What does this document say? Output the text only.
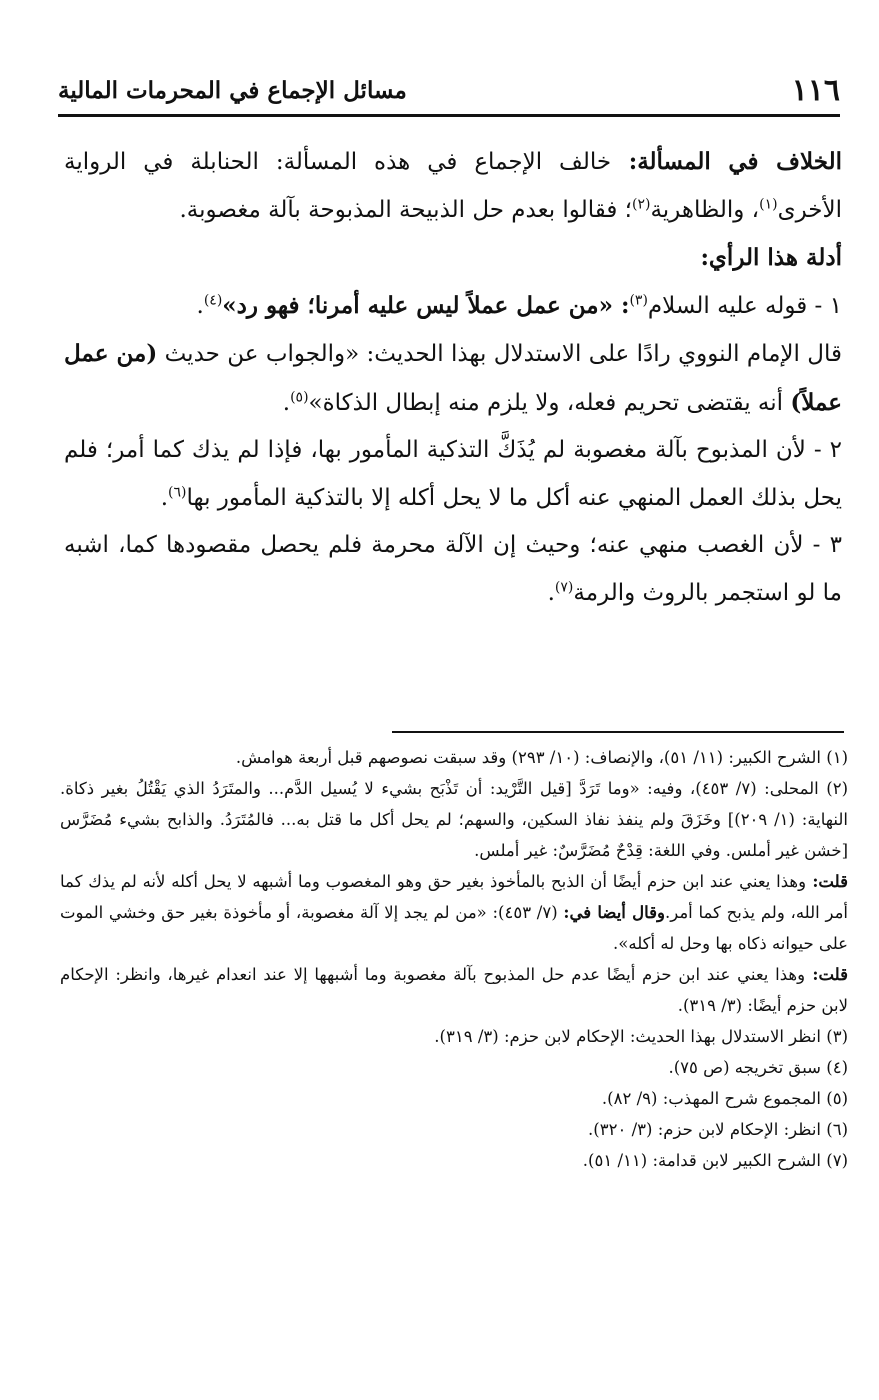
١١٦
مسائل الإجماع في المحرمات المالية

الخلاف في المسألة: خالف الإجماع في هذه المسألة: الحنابلة في الرواية الأخرى$^{(١)}$، والظاهرية$^{(٢)}$؛ فقالوا بعدم حل الذبيحة المذبوحة بآلة مغصوبة.

أدلة هذا الرأي:

١ - قوله عليه السلام$^{(٣)}$: «من عمل عملاً ليس عليه أمرنا؛ فهو رد»$^{(٤)}$.

قال الإمام النووي رادًا على الاستدلال بهذا الحديث: «والجواب عن حديث (من عمل عملاً) أنه يقتضى تحريم فعله، ولا يلزم منه إبطال الذكاة»$^{(٥)}$.

٢ - لأن المذبوح بآلة مغصوبة لم يُذَكَّ التذكية المأمور بها، فإذا لم يذك كما أمر؛ فلم يحل بذلك العمل المنهي عنه أكل ما لا يحل أكله إلا بالتذكية المأمور بها$^{(٦)}$.

٣ - لأن الغصب منهي عنه؛ وحيث إن الآلة محرمة فلم يحصل مقصودها كما، اشبه ما لو استجمر بالروث والرمة$^{(٧)}$.

(١) الشرح الكبير: (١١/ ٥١)، والإنصاف: (١٠/ ٢٩٣) وقد سبقت نصوصهم قبل أربعة هوامش.

(٢) المحلى: (٧/ ٤٥٣)، وفيه: «وما تَرَدَّ [قيل التَّرْيد: أن تَذْبَح بشيء لا يُسيل الدَّم... والمتَرَدُ الذي يَقْتُلُ بغير ذكاة. النهاية: (١/ ٢٠٩)] وخَزَقَ ولم ينفذ نفاذ السكين، والسهم؛ لم يحل أكل ما قتل به... فالمُتَرَدُ. والذابح بشيء مُضَرَّس [خشن غير أملس. وفي اللغة: قِدْحٌ مُضَرَّسٌ: غير أملس.

قلت: وهذا يعني عند ابن حزم أيضًا أن الذبح بالمأخوذ بغير حق وهو المغصوب وما أشبهه لا يحل أكله لأنه لم يذك كما أمر الله، ولم يذبح كما أمر.وقال أيضا في: (٧/ ٤٥٣): «من لم يجد إلا آلة مغصوبة، أو مأخوذة بغير حق وخشي الموت على حيوانه ذكاه بها وحل له أكله».

قلت: وهذا يعني عند ابن حزم أيضًا عدم حل المذبوح بآلة مغصوبة وما أشبهها إلا عند انعدام غيرها، وانظر: الإحكام لابن حزم أيضًا: (٣/ ٣١٩).

(٣) انظر الاستدلال بهذا الحديث: الإحكام لابن حزم: (٣/ ٣١٩).

(٤) سبق تخريجه (ص ٧٥).

(٥) المجموع شرح المهذب: (٩/ ٨٢).

(٦) انظر: الإحكام لابن حزم: (٣/ ٣٢٠).

(٧) الشرح الكبير لابن قدامة: (١١/ ٥١).
